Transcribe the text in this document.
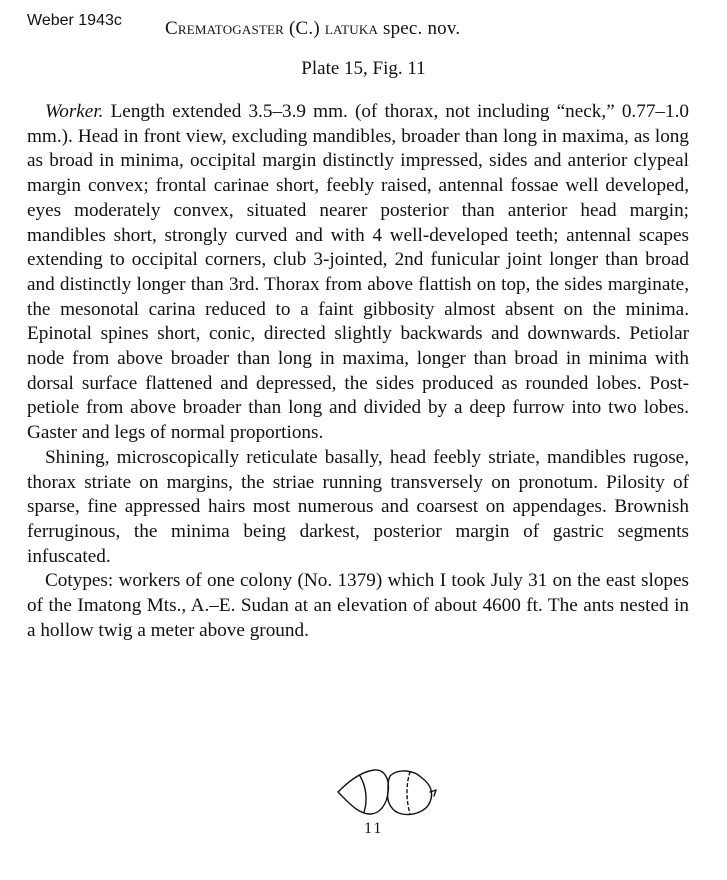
Weber 1943c Crematogaster (C.) latuka spec. nov.
Plate 15, Fig. 11

Worker. Length extended 3.5–3.9 mm. (of thorax, not including “neck,” 0.77–1.0 mm.). Head in front view, excluding mandibles, broader than long in maxima, as long as broad in minima, occipital margin distinctly impressed, sides and anterior clypeal margin convex; frontal carinae short, feebly raised, antennal fossae well developed, eyes moderately convex, situated nearer posterior than anterior head margin; mandibles short, strongly curved and with 4 well-developed teeth; antennal scapes extending to occipital corners, club 3-jointed, 2nd funicular joint longer than broad and distinctly longer than 3rd. Thorax from above flattish on top, the sides marginate, the mesonotal carina reduced to a faint gibbosity almost absent on the minima. Epinotal spines short, conic, directed slightly backwards and downwards. Petiolar node from above broader than long in maxima, longer than broad in minima with dorsal surface flattened and depressed, the sides produced as rounded lobes. Post-petiole from above broader than long and divided by a deep furrow into two lobes. Gaster and legs of normal proportions.

Shining, microscopically reticulate basally, head feebly striate, mandibles rugose, thorax striate on margins, the striae running transversely on pronotum. Pilosity of sparse, fine appressed hairs most numerous and coarsest on appendages. Brownish ferruginous, the minima being darkest, posterior margin of gastric segments infuscated.

Cotypes: workers of one colony (No. 1379) which I took July 31 on the east slopes of the Imatong Mts., A.–E. Sudan at an elevation of about 4600 ft. The ants nested in a hollow twig a meter above ground.

11
